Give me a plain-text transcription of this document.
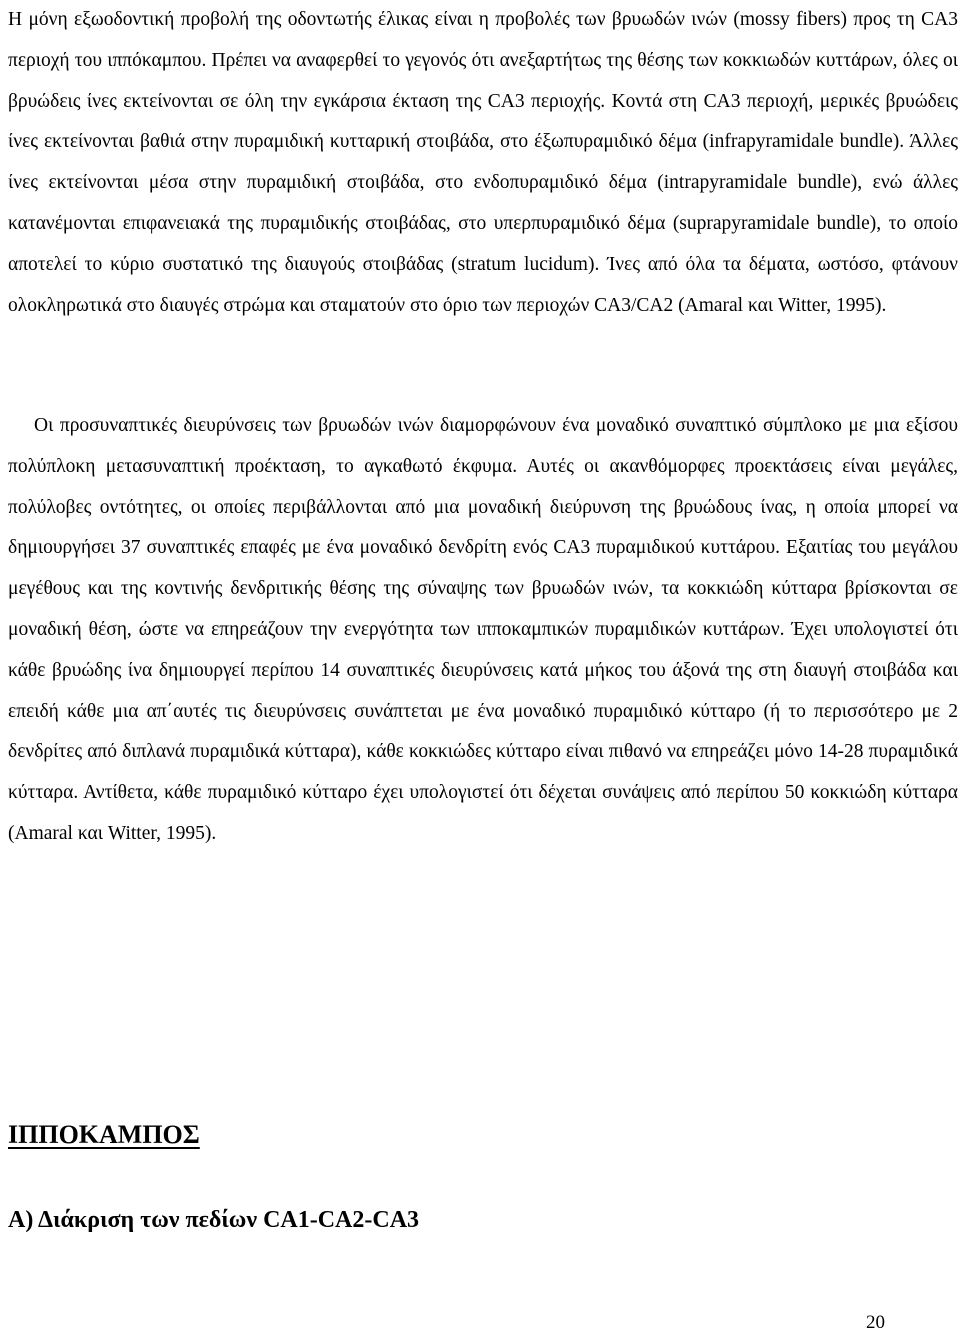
Η μόνη εξωοδοντική προβολή της οδοντωτής έλικας είναι η προβολές των βρυωδών ινών (mossy fibers) προς τη CA3 περιοχή του ιππόκαμπου. Πρέπει να αναφερθεί το γεγονός ότι ανεξαρτήτως της θέσης των κοκκιωδών κυττάρων, όλες οι βρυώδεις ίνες εκτείνονται σε όλη την εγκάρσια έκταση της CA3 περιοχής. Κοντά στη CA3 περιοχή, μερικές βρυώδεις ίνες εκτείνονται βαθιά στην πυραμιδική κυτταρική στοιβάδα, στο έξωπυραμιδικό δέμα (infrapyramidale bundle). Άλλες ίνες εκτείνονται μέσα στην πυραμιδική στοιβάδα, στο ενδοπυραμιδικό δέμα (intrapyramidale bundle), ενώ άλλες κατανέμονται επιφανειακά της πυραμιδικής στοιβάδας, στο υπερπυραμιδικό δέμα (suprapyramidale bundle), το οποίο αποτελεί το κύριο συστατικό της διαυγούς στοιβάδας (stratum lucidum). Ίνες από όλα τα δέματα, ωστόσο, φτάνουν ολοκληρωτικά στο διαυγές στρώμα και σταματούν στο όριο των περιοχών CA3/CA2 (Amaral και Witter, 1995).

Οι προσυναπτικές διευρύνσεις των βρυωδών ινών διαμορφώνουν ένα μοναδικό συναπτικό σύμπλοκο με μια εξίσου πολύπλοκη μετασυναπτική προέκταση, το αγκαθωτό έκφυμα. Αυτές οι ακανθόμορφες προεκτάσεις είναι μεγάλες, πολύλοβες οντότητες, οι οποίες περιβάλλονται από μια μοναδική διεύρυνση της βρυώδους ίνας, η οποία μπορεί να δημιουργήσει 37 συναπτικές επαφές με ένα μοναδικό δενδρίτη ενός CA3 πυραμιδικού κυττάρου. Εξαιτίας του μεγάλου μεγέθους και της κοντινής δενδριτικής θέσης της σύναψης των βρυωδών ινών, τα κοκκιώδη κύτταρα βρίσκονται σε μοναδική θέση, ώστε να επηρεάζουν την ενεργότητα των ιπποκαμπικών πυραμιδικών κυττάρων. Έχει υπολογιστεί ότι κάθε βρυώδης ίνα δημιουργεί περίπου 14 συναπτικές διευρύνσεις κατά μήκος του άξονά της στη διαυγή στοιβάδα και επειδή κάθε μια απ΄αυτές τις διευρύνσεις συνάπτεται με ένα μοναδικό πυραμιδικό κύτταρο (ή το περισσότερο με 2 δενδρίτες από διπλανά πυραμιδικά κύτταρα), κάθε κοκκιώδες κύτταρο είναι πιθανό να επηρεάζει μόνο 14-28 πυραμιδικά κύτταρα. Αντίθετα, κάθε πυραμιδικό κύτταρο έχει υπολογιστεί ότι δέχεται συνάψεις από περίπου 50 κοκκιώδη κύτταρα (Amaral και Witter, 1995).

ΙΠΠΟΚΑΜΠΟΣ
Α) Διάκριση των πεδίων CA1-CA2-CA3
20
